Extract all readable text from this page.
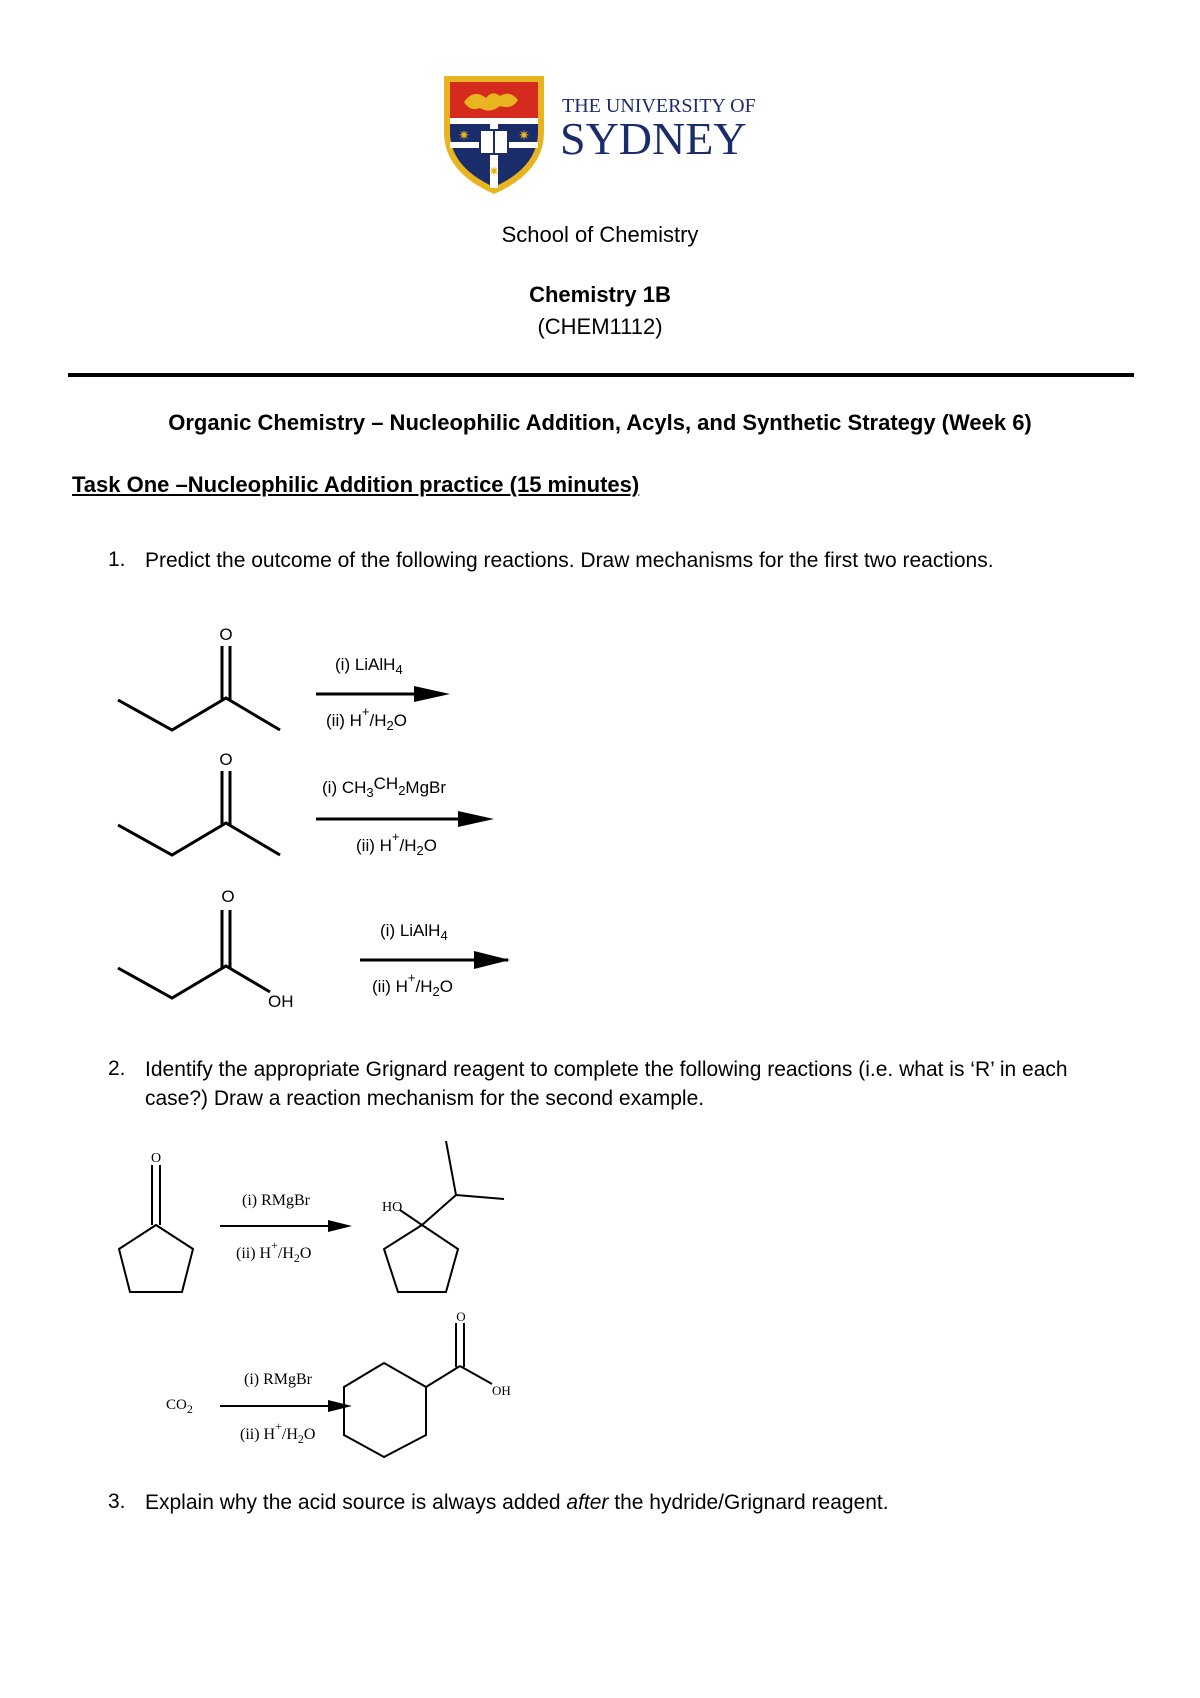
✷	✷
✷
THE UNIVERSITY OF
SYDNEY
School of Chemistry
Chemistry 1B
(CHEM1112)
Organic Chemistry – Nucleophilic Addition, Acyls, and Synthetic Strategy (Week 6)
Task One –Nucleophilic Addition practice (15 minutes)
1. Predict the outcome of the following reactions. Draw mechanisms for the first two reactions.
O
(i) LiAlH$_4$
(ii) $H^+/H_2O$
O
(i) $CH_3CH_2MgBr$
(ii) $H^+/H_2O$
O
OH
(i) LiAlH$_4$
(ii) $H^+/H_2O$
2. Identify the appropriate Grignard reagent to complete the following reactions (i.e. what is ‘R’ in each case?) Draw a reaction mechanism for the second example.
O
(i) RMgBr
(ii) $H^+/H_2O$
HO
$CO_2$
(i) RMgBr
(ii) $H^+/H_2O$
O
OH
3. Explain why the acid source is always added after the hydride/Grignard reagent.
